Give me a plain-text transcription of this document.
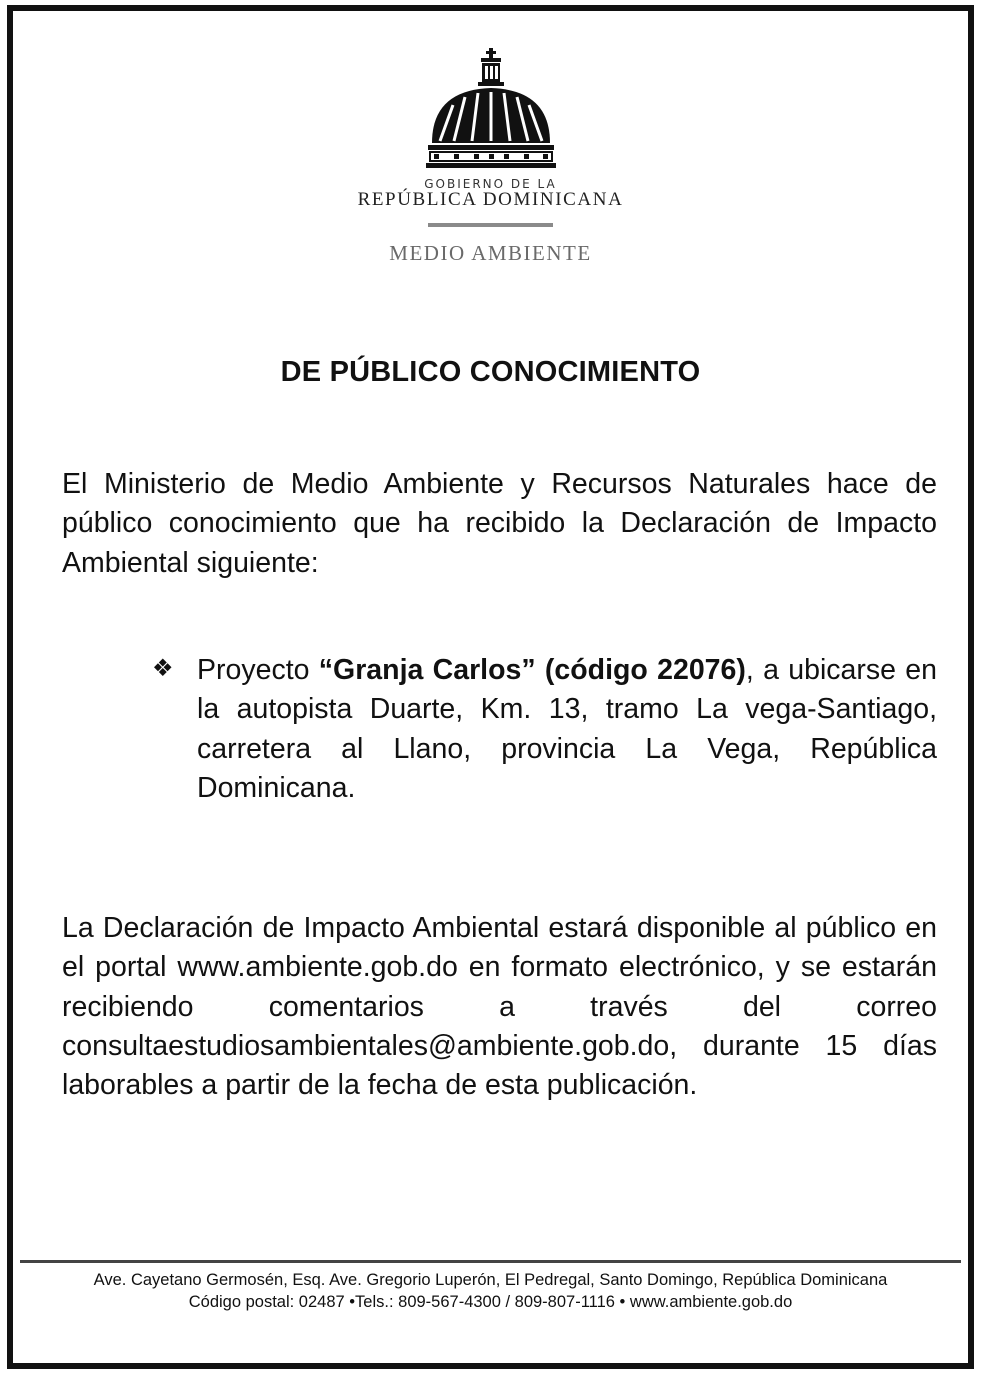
GOBIERNO DE LA
REPÚBLICA DOMINICANA
MEDIO AMBIENTE
DE PÚBLICO CONOCIMIENTO
El Ministerio de Medio Ambiente y Recursos Naturales hace de público conocimiento que ha recibido la Declaración de Impacto Ambiental siguiente:
❖ Proyecto “Granja Carlos” (código 22076), a ubicarse en la autopista Duarte, Km. 13, tramo La vega-Santiago, carretera al Llano, provincia La Vega, República Dominicana.
La Declaración de Impacto Ambiental estará disponible al público en el portal www.ambiente.gob.do en formato electrónico, y se estarán recibiendo comentarios a través del correo consultaestudiosambientales@ambiente.gob.do, durante 15 días laborables a partir de la fecha de esta publicación.
Ave. Cayetano Germosén, Esq. Ave. Gregorio Luperón, El Pedregal, Santo Domingo, República Dominicana
Código postal: 02487 •Tels.: 809-567-4300 / 809-807-1116 • www.ambiente.gob.do
